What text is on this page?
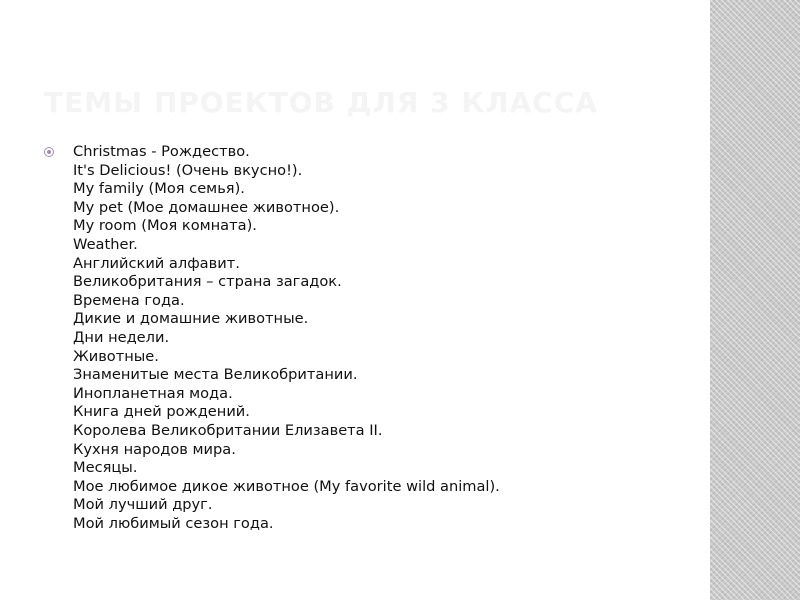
ТЕМЫ ПРОЕКТОВ ДЛЯ 3 КЛАССА
Christmas - Рождество.
It's Delicious! (Очень вкусно!).
My family (Моя семья).
My pet (Мое домашнее животное).
My room (Моя комната).
Weather.
Английский алфавит.
Великобритания – страна загадок.
Времена года.
Дикие и домашние животные.
Дни недели.
Животные.
Знаменитые места Великобритании.
Инопланетная мода.
Книга дней рождений.
Королева Великобритании Елизавета II.
Кухня народов мира.
Месяцы.
Мое любимое дикое животное (My favorite wild animal).
Мой лучший друг.
Мой любимый сезон года.
